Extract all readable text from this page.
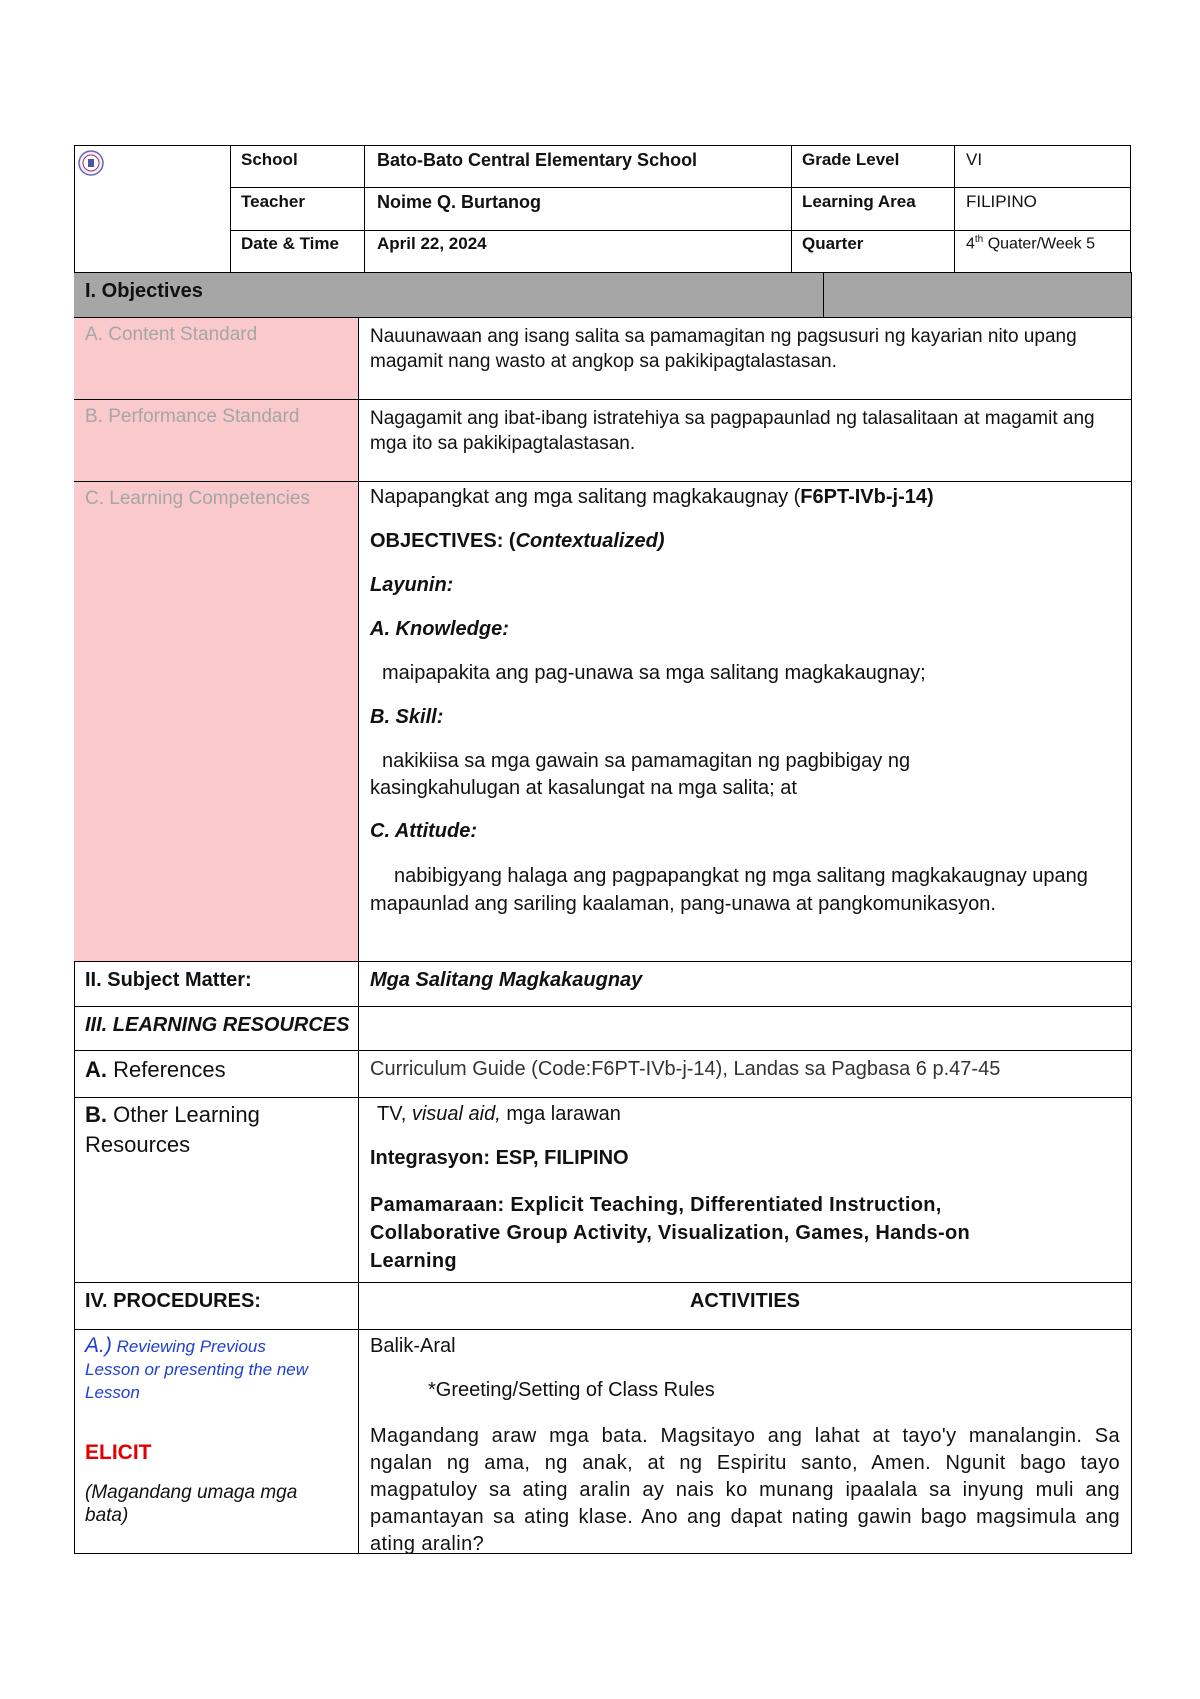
School	Bato-Bato Central Elementary School	Grade Level	VI
Teacher	Noime Q. Burtanog	Learning Area	FILIPINO
Date & Time April 22, 2024	Quarter	4th Quater/Week 5
I. Objectives
A. Content Standard	Nauunawaan ang isang salita sa pamamagitan ng pagsusuri ng kayarian nito upang magamit nang wasto at angkop sa pakikipagtalastasan.
B. Performance Standard	Nagagamit ang ibat-ibang istratehiya sa pagpapaunlad ng talasalitaan at magamit ang mga ito sa pakikipagtalastasan.
C. Learning Competencies	Napapangkat ang mga salitang magkakaugnay (F6PT-IVb-j-14)

OBJECTIVES: (Contextualized)

Layunin:

A. Knowledge:

maipapakita ang pag-unawa sa mga salitang magkakaugnay;

B. Skill:

nakikiisa sa mga gawain sa pamamagitan ng pagbibigay ng kasingkahulugan at kasalungat na mga salita; at

C. Attitude:

nabibigyang halaga ang pagpapangkat ng mga salitang magkakaugnay upang mapaunlad ang sariling kaalaman, pang-unawa at pangkomunikasyon.

II. Subject Matter:	Mga Salitang Magkakaugnay
III. LEARNING RESOURCES
A. References	Curriculum Guide (Code:F6PT-IVb-j-14), Landas sa Pagbasa 6 p.47-45
B. Other Learning Resources

TV, visual aid, mga larawan

Integrasyon: ESP, FILIPINO

Pamamaraan: Explicit Teaching, Differentiated Instruction, Collaborative Group Activity, Visualization, Games, Hands-on Learning

IV. PROCEDURES:	ACTIVITIES
A.) Reviewing Previous
Lesson or presenting the new
Lesson
ELICIT
(Magandang umaga mga bata)

Balik-Aral

*Greeting/Setting of Class Rules

Magandang araw mga bata. Magsitayo ang lahat at tayo'y manalangin. Sa ngalan ng ama, ng anak, at ng Espiritu santo, Amen. Ngunit bago tayo magpatuloy sa ating aralin ay nais ko munang ipaalala sa inyung muli ang pamantayan sa ating klase. Ano ang dapat nating gawin bago magsimula ang ating aralin?
